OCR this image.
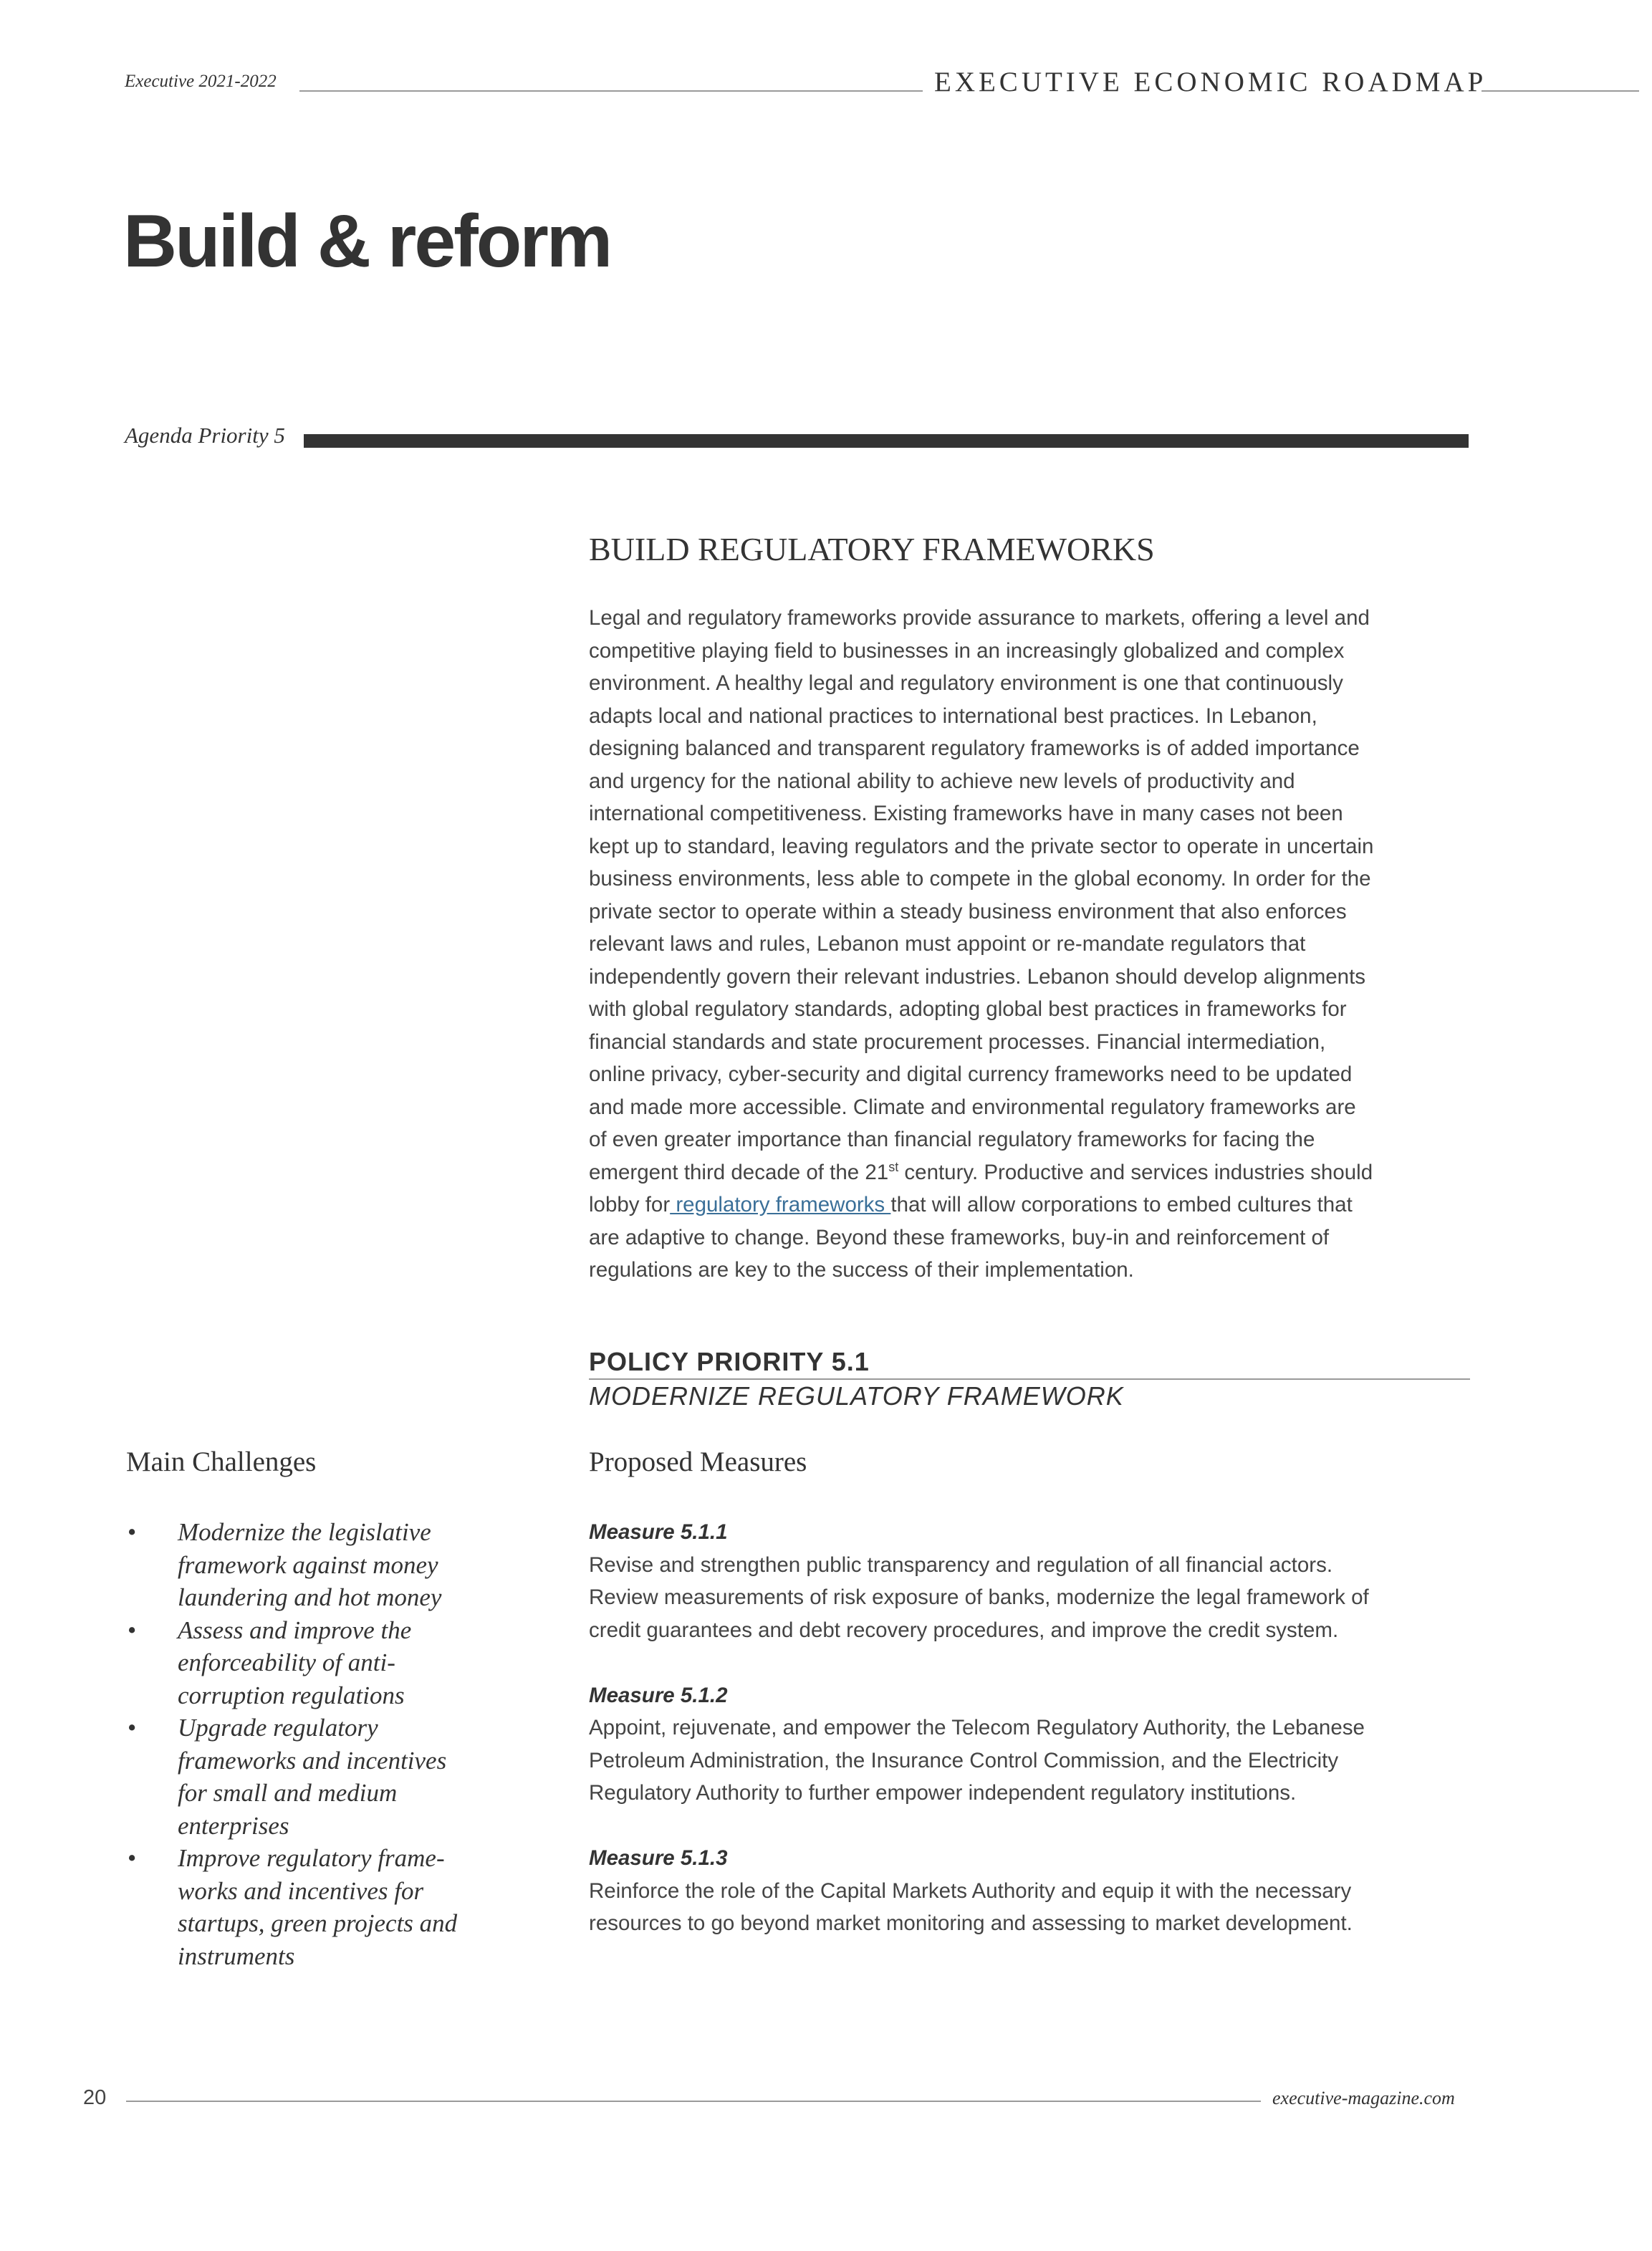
Executive 2021-2022	EXECUTIVE ECONOMIC ROADMAP
Build & reform
Agenda Priority 5
BUILD REGULATORY FRAMEWORKS
Legal and regulatory frameworks provide assurance to markets, offering a level and
competitive playing field to businesses in an increasingly globalized and complex
environment. A healthy legal and regulatory environment is one that continuously
adapts local and national practices to international best practices. In Lebanon,
designing balanced and transparent regulatory frameworks is of added importance
and urgency for the national ability to achieve new levels of productivity and
international competitiveness. Existing frameworks have in many cases not been
kept up to standard, leaving regulators and the private sector to operate in uncertain
business environments, less able to compete in the global economy. In order for the
private sector to operate within a steady business environment that also enforces
relevant laws and rules, Lebanon must appoint or re-mandate regulators that
independently govern their relevant industries. Lebanon should develop alignments
with global regulatory standards, adopting global best practices in frameworks for
financial standards and state procurement processes. Financial intermediation,
online privacy, cyber-security and digital currency frameworks need to be updated
and made more accessible. Climate and environmental regulatory frameworks are
of even greater importance than financial regulatory frameworks for facing the
emergent third decade of the 21st century. Productive and services industries should
lobby for regulatory frameworks that will allow corporations to embed cultures that
are adaptive to change. Beyond these frameworks, buy-in and reinforcement of
regulations are key to the success of their implementation.
POLICY PRIORITY 5.1
MODERNIZE REGULATORY FRAMEWORK
Main Challenges	Proposed Measures
• Modernize the legislative
framework against money
laundering and hot money
• Assess and improve the
enforceability of anti-
corruption regulations
• Upgrade regulatory
frameworks and incentives
for small and medium
enterprises
• Improve regulatory frame-
works and incentives for
startups, green projects and
instruments
Measure 5.1.1
Revise and strengthen public transparency and regulation of all financial actors.
Review measurements of risk exposure of banks, modernize the legal framework of
credit guarantees and debt recovery procedures, and improve the credit system.
Measure 5.1.2
Appoint, rejuvenate, and empower the Telecom Regulatory Authority, the Lebanese
Petroleum Administration, the Insurance Control Commission, and the Electricity
Regulatory Authority to further empower independent regulatory institutions.
Measure 5.1.3
Reinforce the role of the Capital Markets Authority and equip it with the necessary
resources to go beyond market monitoring and assessing to market development.
20	executive-magazine.com
